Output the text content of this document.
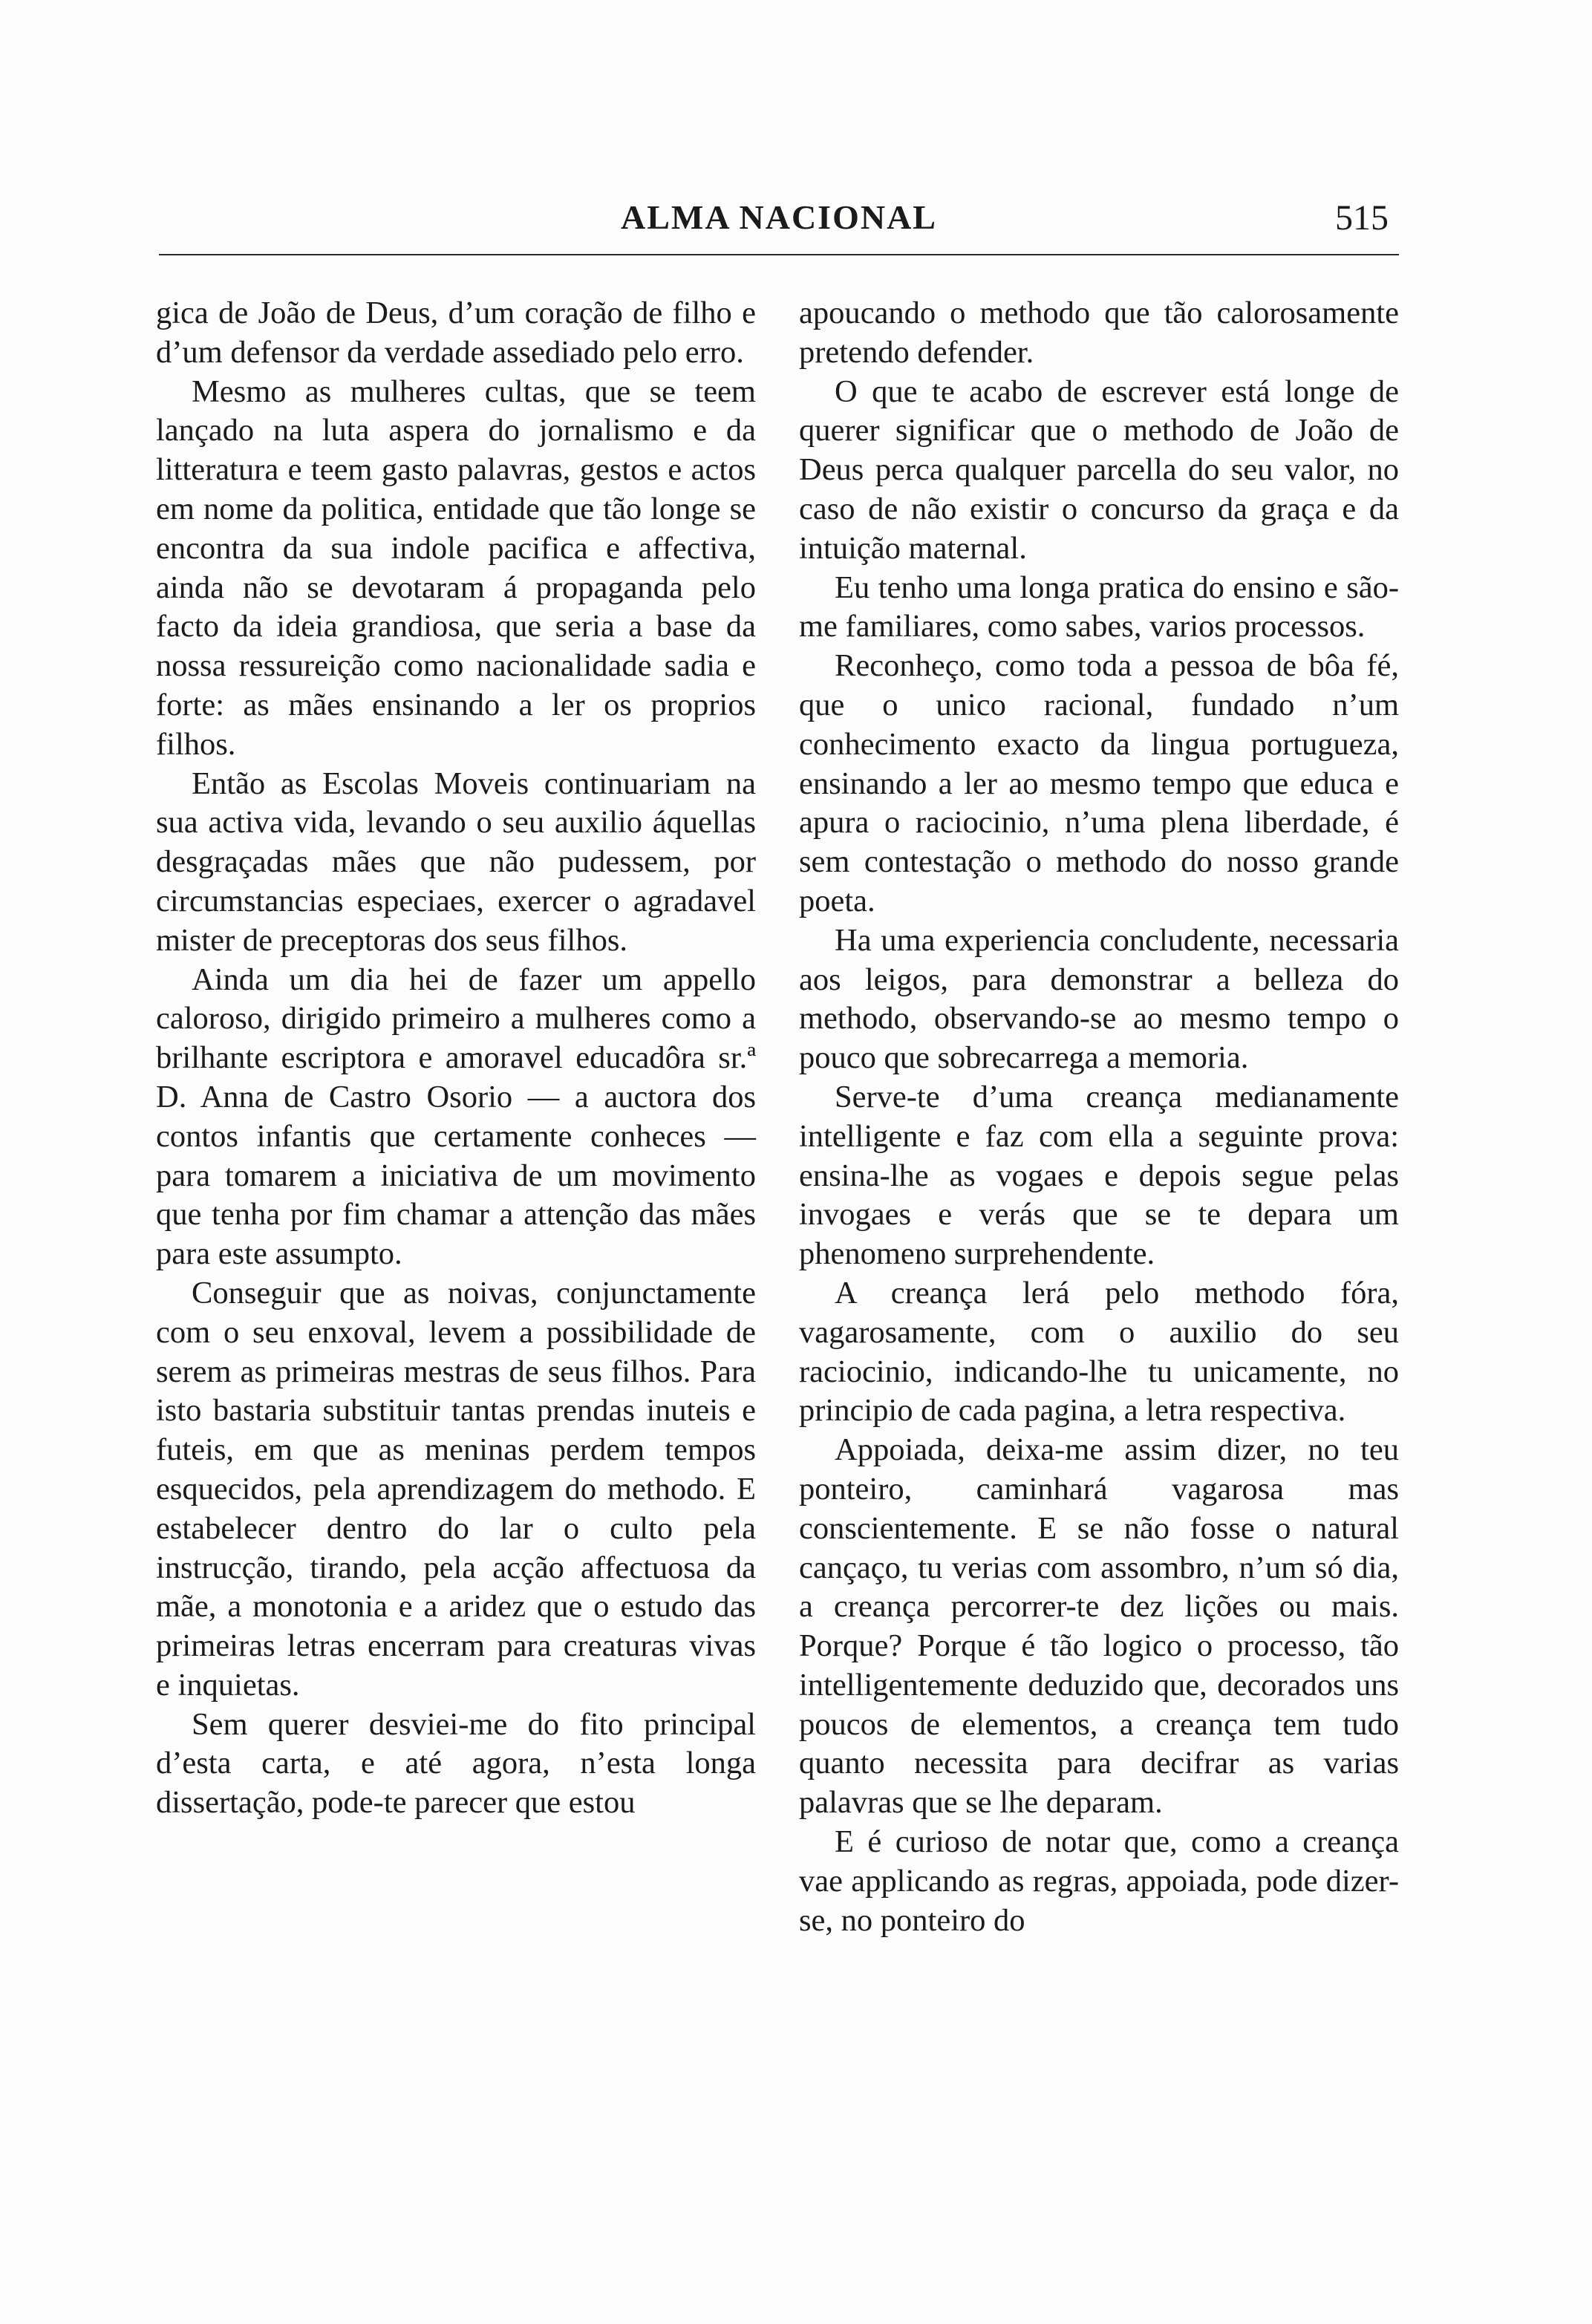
ALMA NACIONAL	515

gica de João de Deus, d’um coração de filho e d’um defensor da verdade assediado pelo erro.

Mesmo as mulheres cultas, que se teem lançado na luta aspera do jornalismo e da litteratura e teem gasto palavras, gestos e actos em nome da politica, entidade que tão longe se encontra da sua indole pacifica e affectiva, ainda não se devotaram á propaganda pelo facto da ideia grandiosa, que seria a base da nossa ressureição como nacionalidade sadia e forte: as mães ensinando a ler os proprios filhos.

Então as Escolas Moveis continuariam na sua activa vida, levando o seu auxilio áquellas desgraçadas mães que não pudessem, por circumstancias especiaes, exercer o agradavel mister de preceptoras dos seus filhos.

Ainda um dia hei de fazer um appello caloroso, dirigido primeiro a mulheres como a brilhante escriptora e amoravel educadôra sr.ª D. Anna de Castro Osorio — a auctora dos contos infantis que certamente conheces — para tomarem a iniciativa de um movimento que tenha por fim chamar a attenção das mães para este assumpto.

Conseguir que as noivas, conjunctamente com o seu enxoval, levem a possibilidade de serem as primeiras mestras de seus filhos. Para isto bastaria substituir tantas prendas inuteis e futeis, em que as meninas perdem tempos esquecidos, pela aprendizagem do methodo. E estabelecer dentro do lar o culto pela instrucção, tirando, pela acção affectuosa da mãe, a monotonia e a aridez que o estudo das primeiras letras encerram para creaturas vivas e inquietas.

Sem querer desviei-me do fito principal d’esta carta, e até agora, n’esta longa dissertação, pode-te parecer que estou

apoucando o methodo que tão calorosamente pretendo defender.

O que te acabo de escrever está longe de querer significar que o methodo de João de Deus perca qualquer parcella do seu valor, no caso de não existir o concurso da graça e da intuição maternal.

Eu tenho uma longa pratica do ensino e são-me familiares, como sabes, varios processos.

Reconheço, como toda a pessoa de bôa fé, que o unico racional, fundado n’um conhecimento exacto da lingua portugueza, ensinando a ler ao mesmo tempo que educa e apura o raciocinio, n’uma plena liberdade, é sem contestação o methodo do nosso grande poeta.

Ha uma experiencia concludente, necessaria aos leigos, para demonstrar a belleza do methodo, observando-se ao mesmo tempo o pouco que sobrecarrega a memoria.

Serve-te d’uma creança medianamente intelligente e faz com ella a seguinte prova: ensina-lhe as vogaes e depois segue pelas invogaes e verás que se te depara um phenomeno surprehendente.

A creança lerá pelo methodo fóra, vagarosamente, com o auxilio do seu raciocinio, indicando-lhe tu unicamente, no principio de cada pagina, a letra respectiva.

Appoiada, deixa-me assim dizer, no teu ponteiro, caminhará vagarosa mas conscientemente. E se não fosse o natural cançaço, tu verias com assombro, n’um só dia, a creança percorrer-te dez lições ou mais. Porque? Porque é tão logico o processo, tão intelligentemente deduzido que, decorados uns poucos de elementos, a creança tem tudo quanto necessita para decifrar as varias palavras que se lhe deparam.

E é curioso de notar que, como a creança vae applicando as regras, appoiada, pode dizer-se, no ponteiro do
